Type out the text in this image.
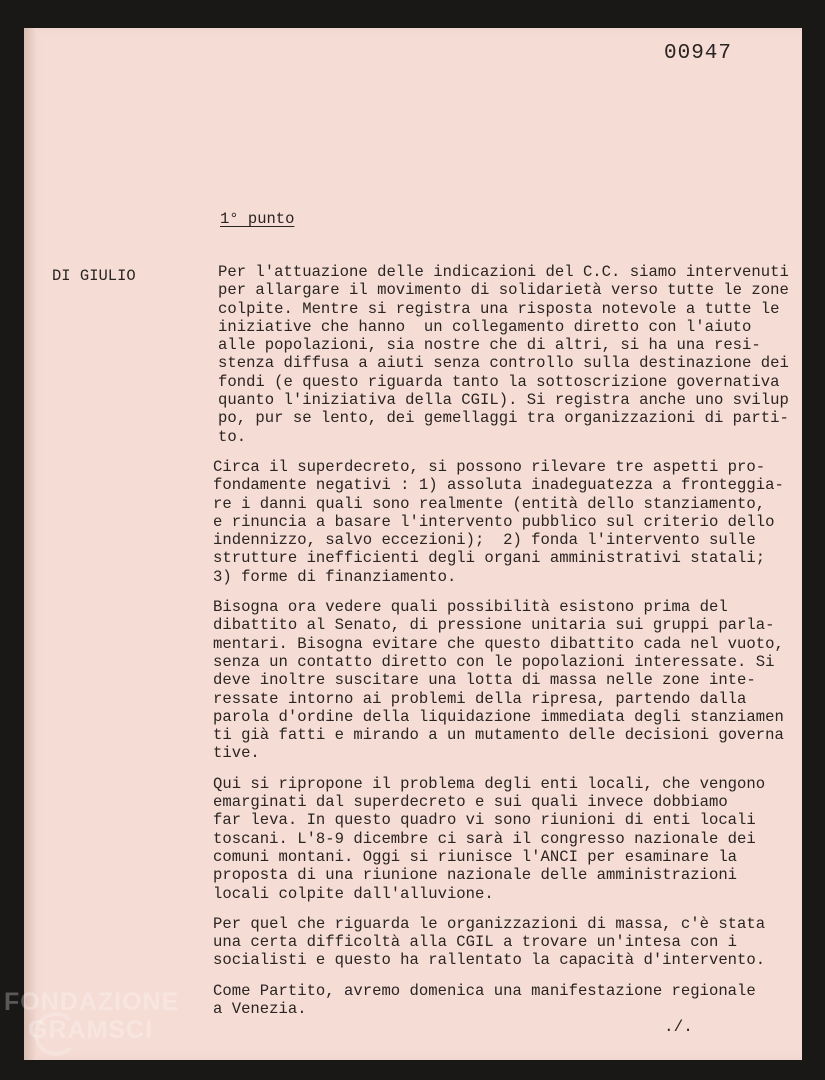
00947
1° punto
DI GIULIO	Per l'attuazione delle indicazioni del C.C. siamo intervenuti
per allargare il movimento di solidarietà verso tutte le zone
colpite. Mentre si registra una risposta notevole a tutte le
iniziative che hanno  un collegamento diretto con l'aiuto
alle popolazioni, sia nostre che di altri, si ha una resi-
stenza diffusa a aiuti senza controllo sulla destinazione dei
fondi (e questo riguarda tanto la sottoscrizione governativa
quanto l'iniziativa della CGIL). Si registra anche uno svilup
po, pur se lento, dei gemellaggi tra organizzazioni di parti-
to.

Circa il superdecreto, si possono rilevare tre aspetti pro-
fondamente negativi : 1) assoluta inadeguatezza a fronteggia-
re i danni quali sono realmente (entità dello stanziamento,
e rinuncia a basare l'intervento pubblico sul criterio dello
indennizzo, salvo eccezioni);  2) fonda l'intervento sulle
strutture inefficienti degli organi amministrativi statali;
3) forme di finanziamento.

Bisogna ora vedere quali possibilità esistono prima del
dibattito al Senato, di pressione unitaria sui gruppi parla-
mentari. Bisogna evitare che questo dibattito cada nel vuoto,
senza un contatto diretto con le popolazioni interessate. Si
deve inoltre suscitare una lotta di massa nelle zone inte-
ressate intorno ai problemi della ripresa, partendo dalla
parola d'ordine della liquidazione immediata degli stanziamen
ti già fatti e mirando a un mutamento delle decisioni governa
tive.

Qui si ripropone il problema degli enti locali, che vengono
emarginati dal superdecreto e sui quali invece dobbiamo
far leva. In questo quadro vi sono riunioni di enti locali
toscani. L'8-9 dicembre ci sarà il congresso nazionale dei
comuni montani. Oggi si riunisce l'ANCI per esaminare la
proposta di una riunione nazionale delle amministrazioni
locali colpite dall'alluvione.

Per quel che riguarda le organizzazioni di massa, c'è stata
una certa difficoltà alla CGIL a trovare un'intesa con i
socialisti e questo ha rallentato la capacità d'intervento.

Come Partito, avremo domenica una manifestazione regionale
a Venezia.

./.
FONDAZIONE
GRAMSCI
